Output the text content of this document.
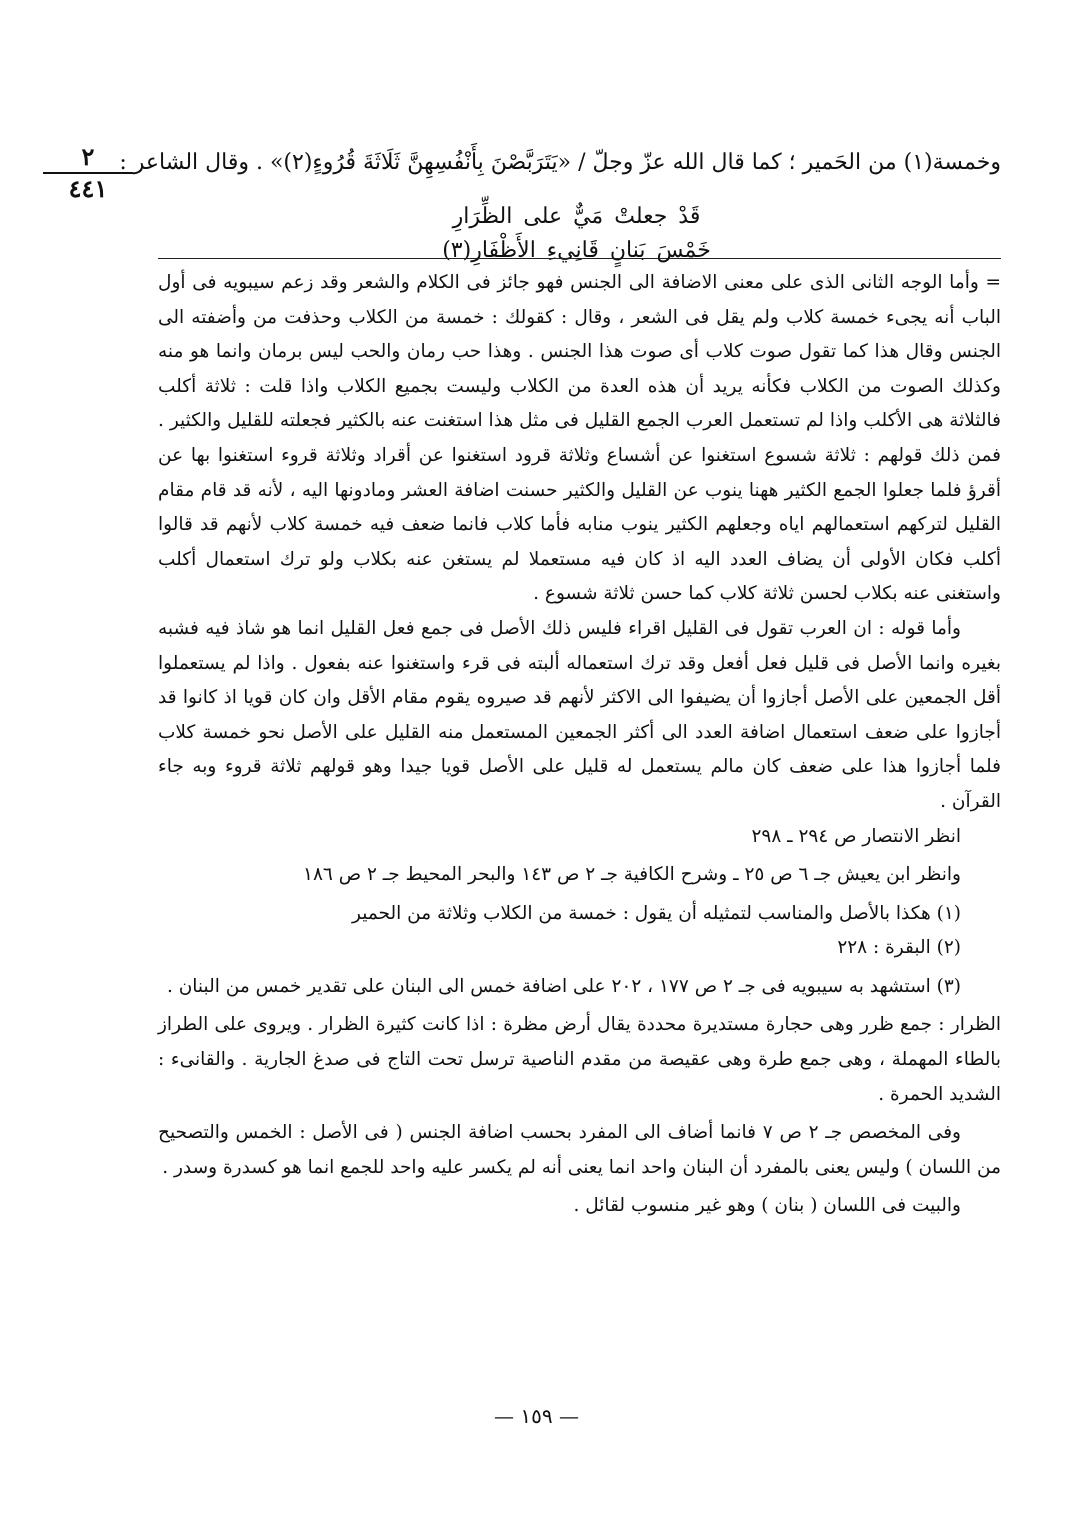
٢
٤٤١
وخمسة(١) من الحَمير ؛ كما قال الله عزّ وجلّ / «يَتَرَبَّصْنَ بِأَنْفُسِهِنَّ ثَلَاثَةَ قُرُوءٍ(٢)» . وقال الشاعر :
قَدْ جعلتْ مَيٌّ على الظِّرَارِ خَمْسَ بَنانٍ قَانِيءِ الأَظْفَارِ(٣)

= وأما الوجه الثانى الذى على معنى الاضافة الى الجنس فهو جائز فى الكلام والشعر وقد زعم سيبويه فى أول الباب أنه يجىء خمسة كلاب ولم يقل فى الشعر ، وقال : كقولك : خمسة من الكلاب وحذفت من وأضفته الى الجنس وقال هذا كما تقول صوت كلاب أى صوت هذا الجنس . وهذا حب رمان والحب ليس برمان وانما هو منه وكذلك الصوت من الكلاب فكأنه يريد أن هذه العدة من الكلاب وليست بجميع الكلاب واذا قلت : ثلاثة أكلب فالثلاثة هى الأكلب واذا لم تستعمل العرب الجمع القليل فى مثل هذا استغنت عنه بالكثير فجعلته للقليل والكثير . فمن ذلك قولهم : ثلاثة شسوع استغنوا عن أشساع وثلاثة قرود استغنوا عن أقراد وثلاثة قروء استغنوا بها عن أقرؤ فلما جعلوا الجمع الكثير ههنا ينوب عن القليل والكثير حسنت اضافة العشر ومادونها اليه ، لأنه قد قام مقام القليل لتركهم استعمالهم اياه وجعلهم الكثير ينوب منابه فأما كلاب فانما ضعف فيه خمسة كلاب لأنهم قد قالوا أكلب فكان الأولى أن يضاف العدد اليه اذ كان فيه مستعملا لم يستغن عنه بكلاب ولو ترك استعمال أكلب واستغنى عنه بكلاب لحسن ثلاثة كلاب كما حسن ثلاثة شسوع .

وأما قوله : ان العرب تقول فى القليل اقراء فليس ذلك الأصل فى جمع فعل القليل انما هو شاذ فيه فشبه بغيره وانما الأصل فى قليل فعل أفعل وقد ترك استعماله ألبته فى قرء واستغنوا عنه بفعول . واذا لم يستعملوا أقل الجمعين على الأصل أجازوا أن يضيفوا الى الاكثر لأنهم قد صيروه يقوم مقام الأقل وان كان قويا اذ كانوا قد أجازوا على ضعف استعمال اضافة العدد الى أكثر الجمعين المستعمل منه القليل على الأصل نحو خمسة كلاب فلما أجازوا هذا على ضعف كان مالم يستعمل له قليل على الأصل قويا جيدا وهو قولهم ثلاثة قروء وبه جاء القرآن .

انظر الانتصار ص ٢٩٤ ـ ٢٩٨

وانظر ابن يعيش جـ ٦ ص ٢٥ ـ وشرح الكافية جـ ٢ ص ١٤٣ والبحر المحيط جـ ٢ ص ١٨٦

(١) هكذا بالأصل والمناسب لتمثيله أن يقول : خمسة من الكلاب وثلاثة من الحمير

(٢) البقرة : ٢٢٨

(٣) استشهد به سيبويه فى جـ ٢ ص ١٧٧ ، ٢٠٢ على اضافة خمس الى البنان على تقدير خمس من البنان .

الظرار : جمع ظرر وهى حجارة مستديرة محددة يقال أرض مظرة : اذا كانت كثيرة الظرار . ويروى على الطراز بالطاء المهملة ، وهى جمع طرة وهى عقيصة من مقدم الناصية ترسل تحت التاج فى صدغ الجارية . والقانىء : الشديد الحمرة .

وفى المخصص جـ ٢ ص ٧ فانما أضاف الى المفرد بحسب اضافة الجنس ( فى الأصل : الخمس والتصحيح من اللسان ) وليس يعنى بالمفرد أن البنان واحد انما يعنى أنه لم يكسر عليه واحد للجمع انما هو كسدرة وسدر .

والبيت فى اللسان ( بنان ) وهو غير منسوب لقائل .

— ١٥٩ —
